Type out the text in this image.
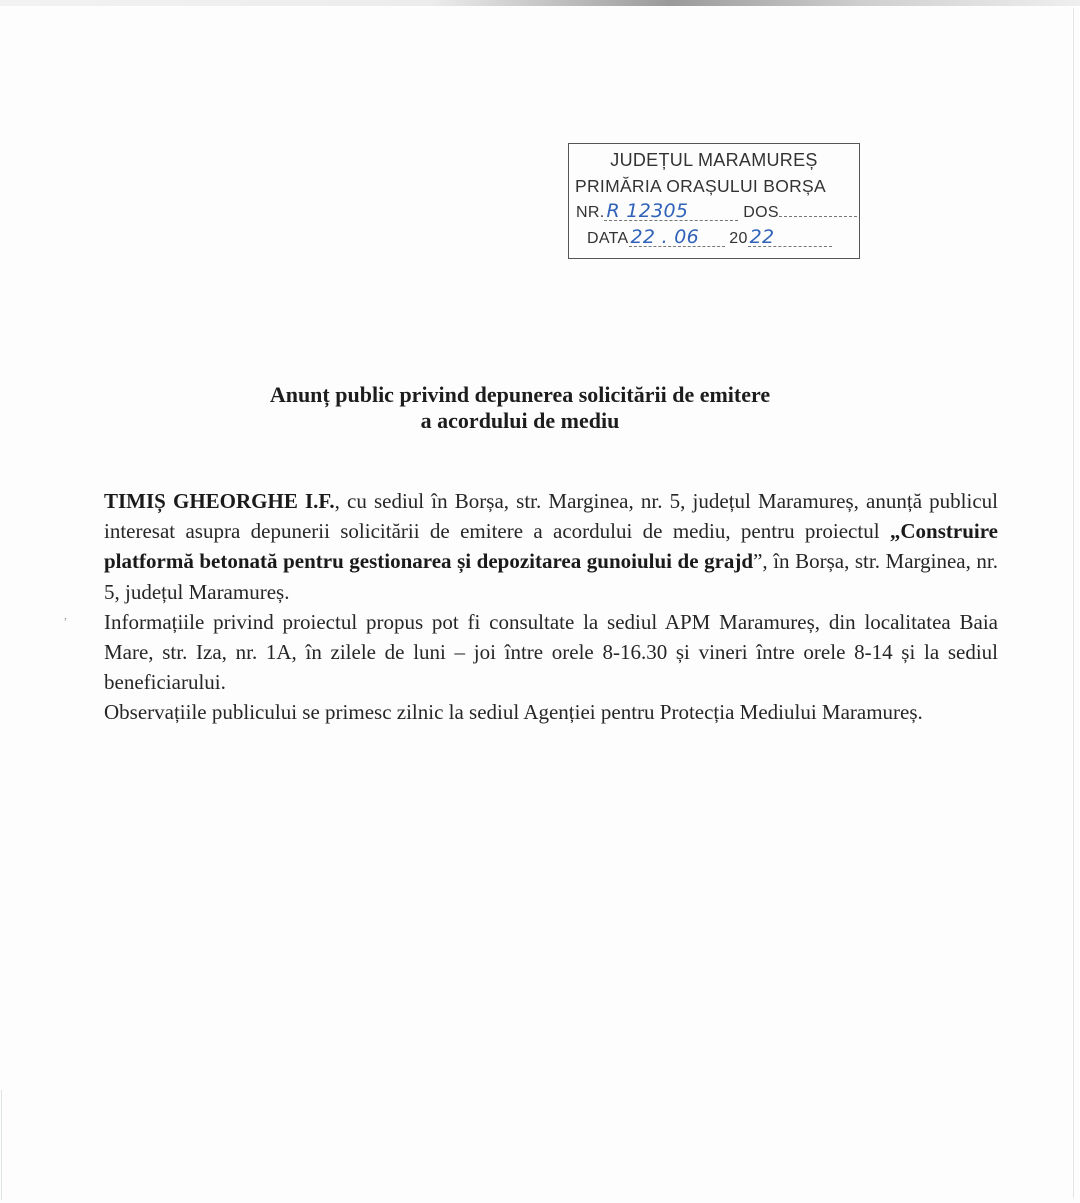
JUDEȚUL MARAMUREȘ
PRIMĂRIA ORAȘULUI BORȘA
NR. R 12305	DOS
DATA 22 . 06 20 22
Anunț public privind depunerea solicitării de emitere
a acordului de mediu
,

TIMIȘ GHEORGHE I.F., cu sediul în Borșa, str. Marginea, nr. 5, județul Maramureș, anunță publicul interesat asupra depunerii solicitării de emitere a acordului de mediu, pentru proiectul „Construire platformă betonată pentru gestionarea și depozitarea gunoiului de grajd”, în Borșa, str. Marginea, nr. 5, județul Maramureș.

Informațiile privind proiectul propus pot fi consultate la sediul APM Maramureș, din localitatea Baia Mare, str. Iza, nr. 1A, în zilele de luni – joi între orele 8-16.30 și vineri între orele 8-14 și la sediul beneficiarului.

Observațiile publicului se primesc zilnic la sediul Agenției pentru Protecția Mediului Maramureș.
